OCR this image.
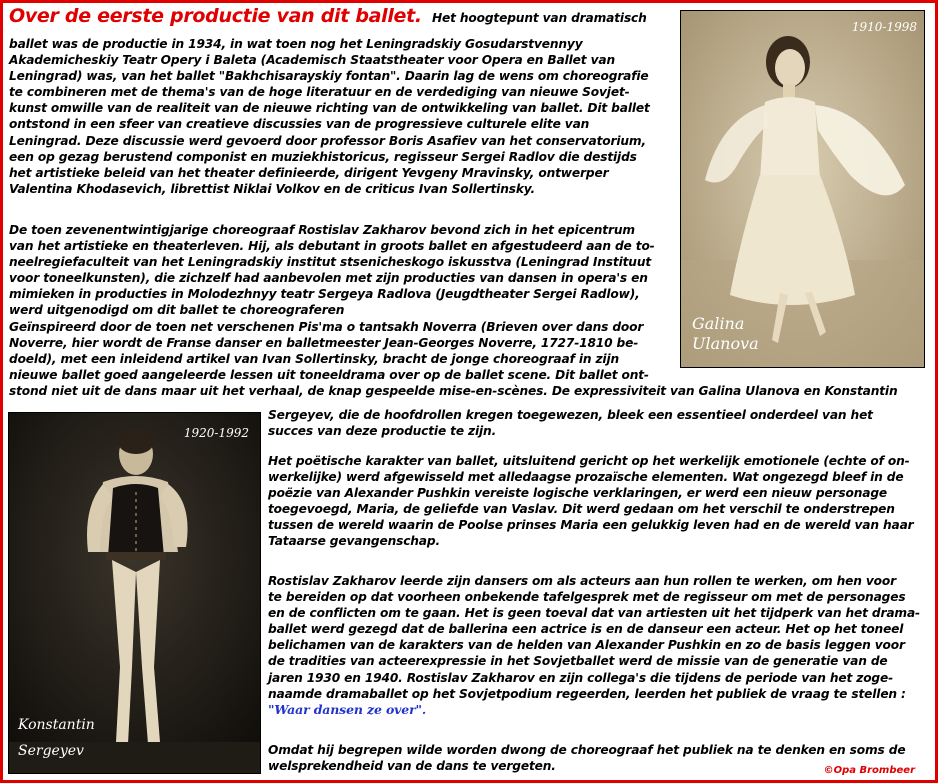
Over de eerste productie van dit ballet. Het hoogtepunt van dramatisch
ballet was de productie in 1934, in wat toen nog het Leningradskiy Gosudarstvennyy
Akademicheskiy Teatr Opery i Baleta (Academisch Staatstheater voor Opera en Ballet van
Leningrad) was, van het ballet "Bakhchisarayskiy fontan". Daarin lag de wens om choreografie
te combineren met de thema's van de hoge literatuur en de verdediging van nieuwe Sovjet-
kunst omwille van de realiteit van de nieuwe richting van de ontwikkeling van ballet. Dit ballet
ontstond in een sfeer van creatieve discussies van de progressieve culturele elite van
Leningrad. Deze discussie werd gevoerd door professor Boris Asafiev van het conservatorium,
een op gezag berustend componist en muziekhistoricus, regisseur Sergei Radlov die destijds
het artistieke beleid van het theater definieerde, dirigent Yevgeny Mravinsky, ontwerper
Valentina Khodasevich, librettist Niklai Volkov en de criticus Ivan Sollertinsky.
De toen zevenentwintigjarige choreograaf Rostislav Zakharov bevond zich in het epicentrum
van het artistieke en theaterleven. Hij, als debutant in groots ballet en afgestudeerd aan de to-
neelregiefaculteit van het Leningradskiy institut stsenicheskogo iskusstva (Leningrad Instituut
voor toneelkunsten), die zichzelf had aanbevolen met zijn producties van dansen in opera's en
mimieken in producties in Molodezhnyy teatr Sergeya Radlova (Jeugdtheater Sergei Radlow),
werd uitgenodigd om dit ballet te choreograferen
Geïnspireerd door de toen net verschenen Pis'ma o tantsakh Noverra (Brieven over dans door
Noverre, hier wordt de Franse danser en balletmeester Jean-Georges Noverre, 1727-1810 be-
doeld), met een inleidend artikel van Ivan Sollertinsky, bracht de jonge choreograaf in zijn
nieuwe ballet goed aangeleerde lessen uit toneeldrama over op de ballet scene. Dit ballet ont-
stond niet uit de dans maar uit het verhaal, de knap gespeelde mise-en-scènes. De expressiviteit van Galina Ulanova en Konstantin
Sergeyev, die de hoofdrollen kregen toegewezen, bleek een essentieel onderdeel van het
succes van deze productie te zijn.
Het poëtische karakter van ballet, uitsluitend gericht op het werkelijk emotionele (echte of on-
werkelijke) werd afgewisseld met alledaagse prozaïsche elementen. Wat ongezegd bleef in de
poëzie van Alexander Pushkin vereiste logische verklaringen, er werd een nieuw personage
toegevoegd, Maria, de geliefde van Vaslav. Dit werd gedaan om het verschil te onderstrepen
tussen de wereld waarin de Poolse prinses Maria een gelukkig leven had en de wereld van haar
Tataarse gevangenschap.
Rostislav Zakharov leerde zijn dansers om als acteurs aan hun rollen te werken, om hen voor
te bereiden op dat voorheen onbekende tafelgesprek met de regisseur om met de personages
en de conflicten om te gaan. Het is geen toeval dat van artiesten uit het tijdperk van het drama-
ballet werd gezegd dat de ballerina een actrice is en de danseur een acteur. Het op het toneel
belichamen van de karakters van de helden van Alexander Pushkin en zo de basis leggen voor
de tradities van acteerexpressie in het Sovjetballet werd de missie van de generatie van de
jaren 1930 en 1940. Rostislav Zakharov en zijn collega's die tijdens de periode van het zoge-
naamde dramaballet op het Sovjetpodium regeerden, leerden het publiek de vraag te stellen :
"Waar dansen ze over".
Omdat hij begrepen wilde worden dwong de choreograaf het publiek na te denken en soms de
welsprekendheid van de dans te vergeten.
1910-1998
Galina
Ulanova
1920-1992
Konstantin
Sergeyev
©Opa Brombeer
